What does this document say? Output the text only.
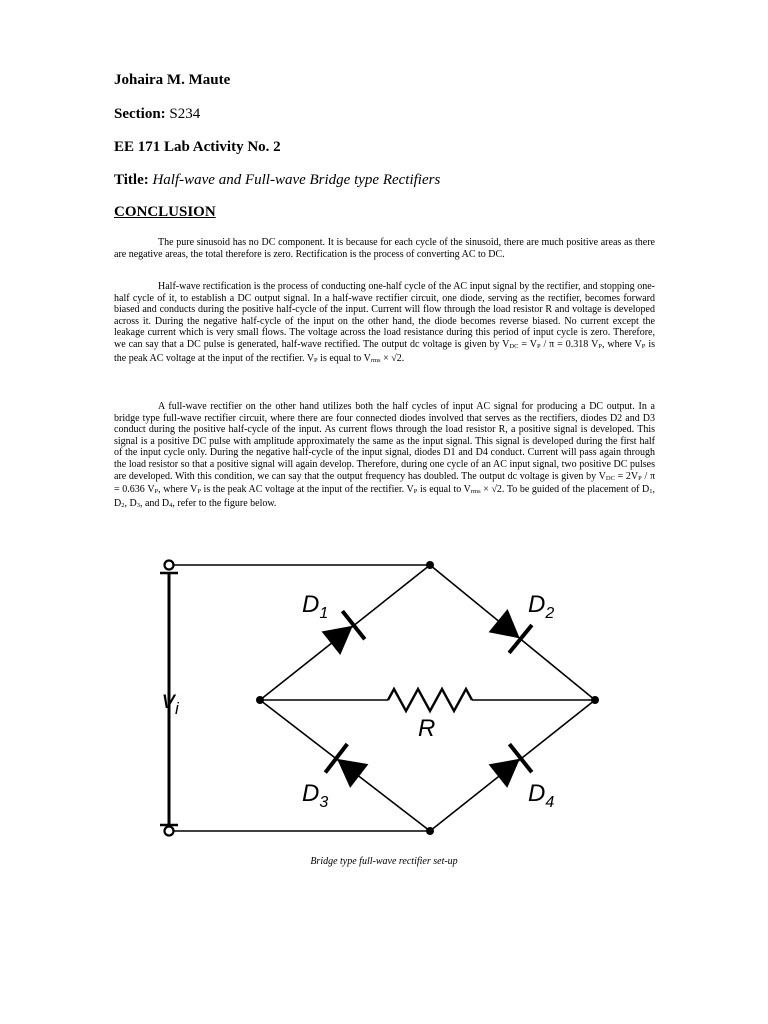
Johaira M. Maute
Section: S234
EE 171 Lab Activity No. 2
Title: Half-wave and Full-wave Bridge type Rectifiers
CONCLUSION

The pure sinusoid has no DC component. It is because for each cycle of the sinusoid, there are much positive areas as there are negative areas, the total therefore is zero. Rectification is the process of converting AC to DC.

Half-wave rectification is the process of conducting one-half cycle of the AC input signal by the rectifier, and stopping one-half cycle of it, to establish a DC output signal. In a half-wave rectifier circuit, one diode, serving as the rectifier, becomes forward biased and conducts during the positive half-cycle of the input. Current will flow through the load resistor R and voltage is developed across it. During the negative half-cycle of the input on the other hand, the diode becomes reverse biased. No current except the leakage current which is very small flows. The voltage across the load resistance during this period of input cycle is zero. Therefore, we can say that a DC pulse is generated, half-wave rectified. The output dc voltage is given by $V_{DC} = V_P / \pi = 0.318$ $V_P$, where $V_P$ is the peak AC voltage at the input of the rectifier. $V_P$ is equal to $V_{rms} \times √2$.

A full-wave rectifier on the other hand utilizes both the half cycles of input AC signal for producing a DC output. In a bridge type full-wave rectifier circuit, where there are four connected diodes involved that serves as the rectifiers, diodes D2 and D3 conduct during the positive half-cycle of the input. As current flows through the load resistor R, a positive signal is developed. This signal is a positive DC pulse with amplitude approximately the same as the input signal. This signal is developed during the first half of the input cycle only. During the negative half-cycle of the input signal, diodes D1 and D4 conduct. Current will pass again through the load resistor so that a positive signal will again develop. Therefore, during one cycle of an AC input signal, two positive DC pulses are developed. With this condition, we can say that the output frequency has doubled. The output dc voltage is given by $V_{DC} = 2V_P / \pi = 0.636$ $V_P$, where $V_P$ is the peak AC voltage at the input of the rectifier. $V_P$ is equal to $V_{rms} \times √2$. To be guided of the placement of $D_1$, $D_2$, $D_3$, and $D_4$, refer to the figure below.

$v_i$
$D_1$	$D_2$
$D_3$	$D_4$
R
Bridge type full-wave rectifier set-up
